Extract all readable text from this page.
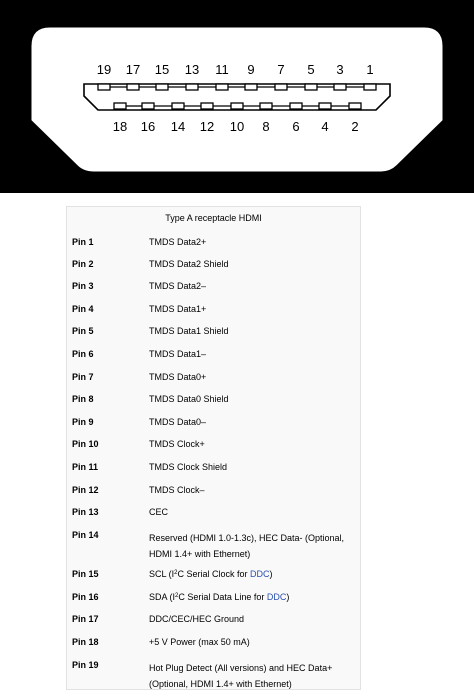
19 17 15 13 11 9 7 5 3 1
18 16 14 12 10 8 6 4 2
Type A receptacle HDMI
Pin 1	TMDS Data2+
Pin 2	TMDS Data2 Shield
Pin 3	TMDS Data2–
Pin 4	TMDS Data1+
Pin 5	TMDS Data1 Shield
Pin 6	TMDS Data1–
Pin 7	TMDS Data0+
Pin 8	TMDS Data0 Shield
Pin 9	TMDS Data0–
Pin 10	TMDS Clock+
Pin 11	TMDS Clock Shield
Pin 12	TMDS Clock–
Pin 13	CEC
Pin 14	Reserved (HDMI 1.0-1.3c), HEC Data- (Optional, HDMI 1.4+ with Ethernet)
Pin 15	SCL ($I^2C$ Serial Clock for DDC)
Pin 16	SDA ($I^2C$ Serial Data Line for DDC)
Pin 17	DDC/CEC/HEC Ground
Pin 18	+5 V Power (max 50 mA)
Pin 19	Hot Plug Detect (All versions) and HEC Data+ (Optional, HDMI 1.4+ with Ethernet)
